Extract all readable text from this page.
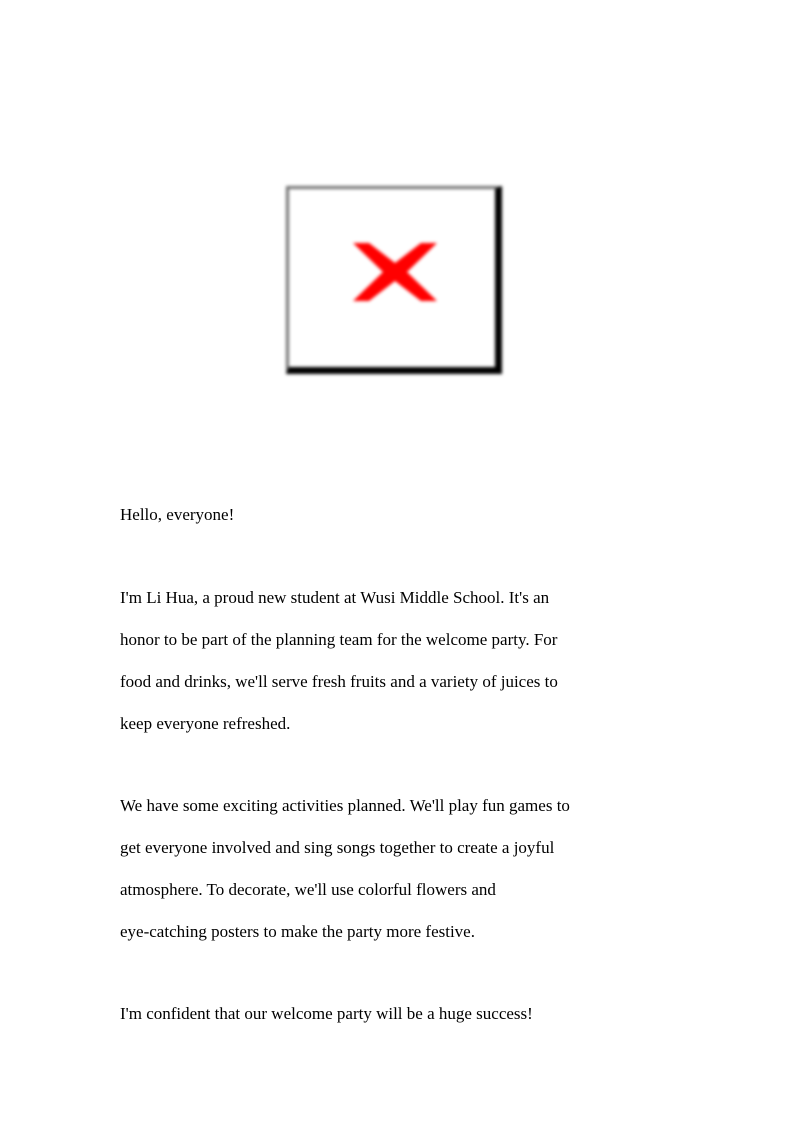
Hello, everyone!

I'm Li Hua, a proud new student at Wusi Middle School. It's an
honor to be part of the planning team for the welcome party. For
food and drinks, we'll serve fresh fruits and a variety of juices to
keep everyone refreshed.
We have some exciting activities planned. We'll play fun games to
get everyone involved and sing songs together to create a joyful
atmosphere. To decorate, we'll use colorful flowers and
eye-catching posters to make the party more festive.

I'm confident that our welcome party will be a huge success!
